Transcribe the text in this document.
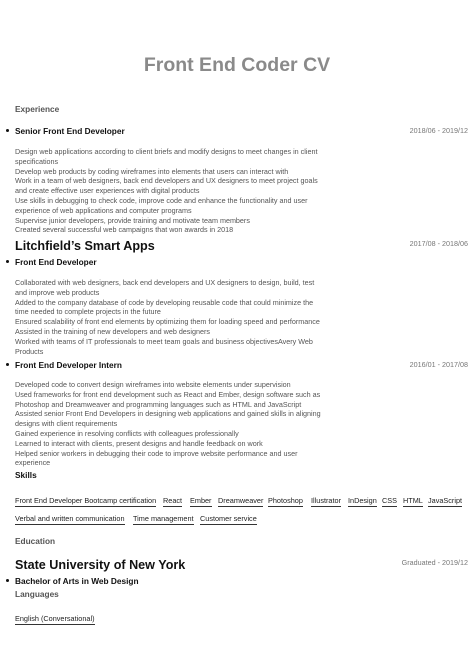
Front End Coder CV
Experience
Senior Front End Developer	2018/06 - 2019/12
Design web applications according to client briefs and modify designs to meet changes in client
specifications
Develop web products by coding wireframes into elements that users can interact with
Work in a team of web designers, back end developers and UX designers to meet project goals
and create effective user experiences with digital products
Use skills in debugging to check code, improve code and enhance the functionality and user
experience of web applications and computer programs
Supervise junior developers, provide training and motivate team members
Created several successful web campaigns that won awards in 2018
Litchfield’s Smart Apps	2017/08 - 2018/06
Front End Developer
Collaborated with web designers, back end developers and UX designers to design, build, test
and improve web products
Added to the company database of code by developing reusable code that could minimize the
time needed to complete projects in the future
Ensured scalability of front end elements by optimizing them for loading speed and performance
Assisted in the training of new developers and web designers
Worked with teams of IT professionals to meet team goals and business objectivesAvery Web
Products
Front End Developer Intern	2016/01 - 2017/08
Developed code to convert design wireframes into website elements under supervision
Used frameworks for front end development such as React and Ember, design software such as
Photoshop and Dreamweaver and programming languages such as HTML and JavaScript
Assisted senior Front End Developers in designing web applications and gained skills in aligning
designs with client requirements
Gained experience in resolving conflicts with colleagues professionally
Learned to interact with clients, present designs and handle feedback on work
Helped senior workers in debugging their code to improve website performance and user
experience
Skills
Front End Developer Bootcamp certification React Ember Dreamweaver Photoshop Illustrator InDesign CSS HTML JavaScript
Verbal and written communication Time management Customer service
Education
State University of New York	Graduated - 2019/12
Bachelor of Arts in Web Design
Languages
English (Conversational)
